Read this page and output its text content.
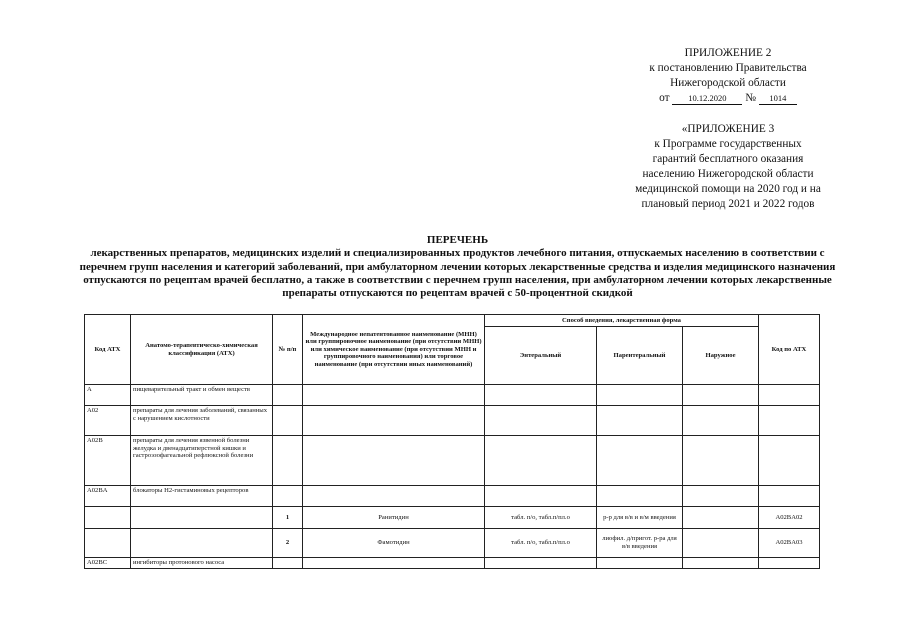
ПРИЛОЖЕНИЕ 2
к постановлению Правительства
Нижегородской области
от 10.12.2020 № 1014
«ПРИЛОЖЕНИЕ 3
к Программе государственных
гарантий бесплатного оказания
населению Нижегородской области
медицинской помощи на 2020 год и на
плановый период 2021 и 2022 годов
ПЕРЕЧЕНЬ
лекарственных препаратов, медицинских изделий и специализированных продуктов лечебного питания, отпускаемых населению в соответствии с перечнем групп населения и категорий заболеваний, при амбулаторном лечении которых лекарственные средства и изделия медицинского назначения отпускаются по рецептам врачей бесплатно, а также в соответствии с перечнем групп населения, при амбулаторном лечении которых лекарственные препараты отпускаются по рецептам врачей с 50-процентной скидкой
Код АТХ	Анатомо-терапевтическо-химическая классификация (АТХ)	№ п/п	Международное непатентованное наименование (МНН) или группировочное наименование (при отсутствии МНН) или химическое наименование (при отсутствии МНН и группировочного наименования) или торговое наименование (при отсутствии иных наименований)	Способ введения, лекарственная форма			Код по АТХ
				Энтеральный	Парентеральный	Наружное	
A	пищеварительный тракт и обмен веществ						
A02	препараты для лечения заболеваний, связанных с нарушением кислотности						
A02B	препараты для лечения язвенной болезни желудка и двенадцатиперстной кишки и гастроэзофагеальной рефлюксной болезни						
A02BA	блокаторы H2-гистаминовых рецепторов						
		1	Ранитидин	табл. п/о, табл.п/пл.о	р-р для в/в и в/м введения		A02BA02
		2	Фамотидин	табл. п/о, табл.п/пл.о	лиофил. д/пригот. р-ра для в/в введения		A02BA03
A02BC	ингибиторы протонового насоса						
